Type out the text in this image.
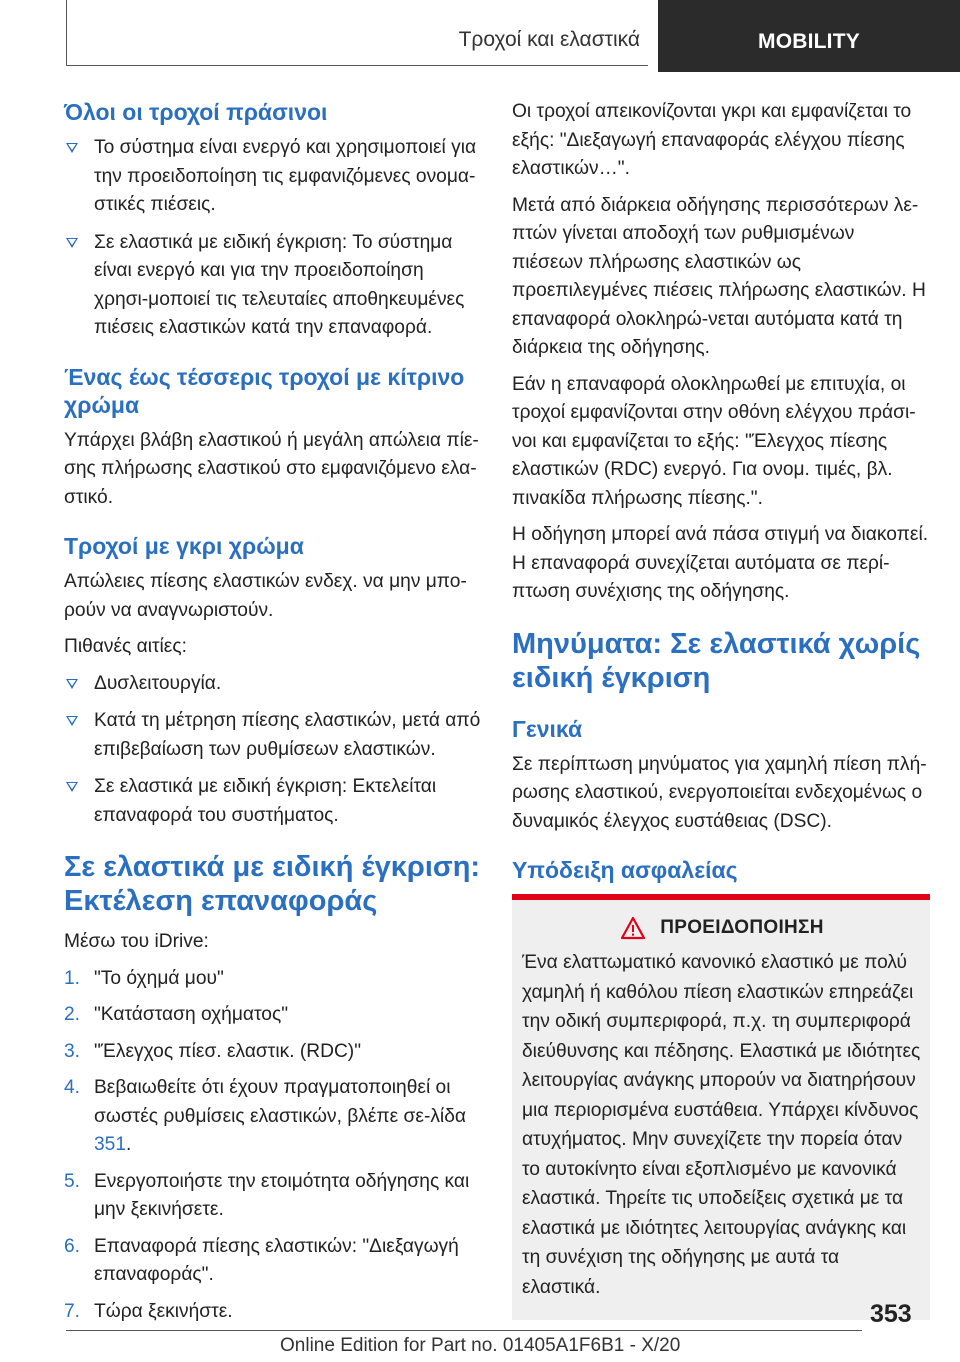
Τροχοί και ελαστικά	MOBILITY
Όλοι οι τροχοί πράσινοι
Το σύστημα είναι ενεργό και χρησιμοποιεί για την προειδοποίηση τις εμφανιζόμενες ονομα-στικές πιέσεις.
Σε ελαστικά με ειδική έγκριση: Το σύστημα είναι ενεργό και για την προειδοποίηση χρησι-μοποιεί τις τελευταίες αποθηκευμένες πιέσεις ελαστικών κατά την επαναφορά.
Ένας έως τέσσερις τροχοί με κίτρινο χρώμα

Υπάρχει βλάβη ελαστικού ή μεγάλη απώλεια πίε-σης πλήρωσης ελαστικού στο εμφανιζόμενο ελα-στικό.

Τροχοί με γκρι χρώμα

Απώλειες πίεσης ελαστικών ενδεχ. να μην μπο-ρούν να αναγνωριστούν.

Πιθανές αιτίες:

Δυσλειτουργία.
Κατά τη μέτρηση πίεσης ελαστικών, μετά από επιβεβαίωση των ρυθμίσεων ελαστικών.
Σε ελαστικά με ειδική έγκριση: Εκτελείται επαναφορά του συστήματος.
Σε ελαστικά με ειδική έγκριση: Εκτέλεση επαναφοράς

Μέσω του iDrive:

1. "Το όχημά μου"
2. "Κατάσταση οχήματος"
3. "Έλεγχος πίεσ. ελαστικ. (RDC)"
4. Βεβαιωθείτε ότι έχουν πραγματοποιηθεί οι σωστές ρυθμίσεις ελαστικών, βλέπε σε-λίδα 351.
5. Ενεργοποιήστε την ετοιμότητα οδήγησης και μην ξεκινήσετε.
6. Επαναφορά πίεσης ελαστικών: "Διεξαγωγή επαναφοράς".
7. Τώρα ξεκινήστε.

Οι τροχοί απεικονίζονται γκρι και εμφανίζεται το εξής: "Διεξαγωγή επαναφοράς ελέγχου πίεσης ελαστικών…".

Μετά από διάρκεια οδήγησης περισσότερων λε-πτών γίνεται αποδοχή των ρυθμισμένων πιέσεων πλήρωσης ελαστικών ως προεπιλεγμένες πιέσεις πλήρωσης ελαστικών. Η επαναφορά ολοκληρώ-νεται αυτόματα κατά τη διάρκεια της οδήγησης.

Εάν η επαναφορά ολοκληρωθεί με επιτυχία, οι τροχοί εμφανίζονται στην οθόνη ελέγχου πράσι-νοι και εμφανίζεται το εξής: "Έλεγχος πίεσης ελαστικών (RDC) ενεργό. Για ονομ. τιμές, βλ. πινακίδα πλήρωσης πίεσης.".

Η οδήγηση μπορεί ανά πάσα στιγμή να διακοπεί. Η επαναφορά συνεχίζεται αυτόματα σε περί-πτωση συνέχισης της οδήγησης.

Μηνύματα: Σε ελαστικά χωρίς ειδική έγκριση
Γενικά

Σε περίπτωση μηνύματος για χαμηλή πίεση πλή-ρωσης ελαστικού, ενεργοποιείται ενδεχομένως ο δυναμικός έλεγχος ευστάθειας (DSC).

Υπόδειξη ασφαλείας
ΠΡΟΕΙΔΟΠΟΙΗΣΗ

Ένα ελαττωματικό κανονικό ελαστικό με πολύ χαμηλή ή καθόλου πίεση ελαστικών επηρεάζει την οδική συμπεριφορά, π.χ. τη συμπεριφορά διεύθυνσης και πέδησης. Ελαστικά με ιδιότητες λειτουργίας ανάγκης μπορούν να διατηρήσουν μια περιορισμένα ευστάθεια. Υπάρχει κίνδυνος ατυχήματος. Μην συνεχίζετε την πορεία όταν το αυτοκίνητο είναι εξοπλισμένο με κανονικά ελαστικά. Τηρείτε τις υποδείξεις σχετικά με τα ελαστικά με ιδιότητες λειτουργίας ανάγκης και τη συνέχιση της οδήγησης με αυτά τα ελαστικά.

353
Online Edition for Part no. 01405A1F6B1 - X/20
